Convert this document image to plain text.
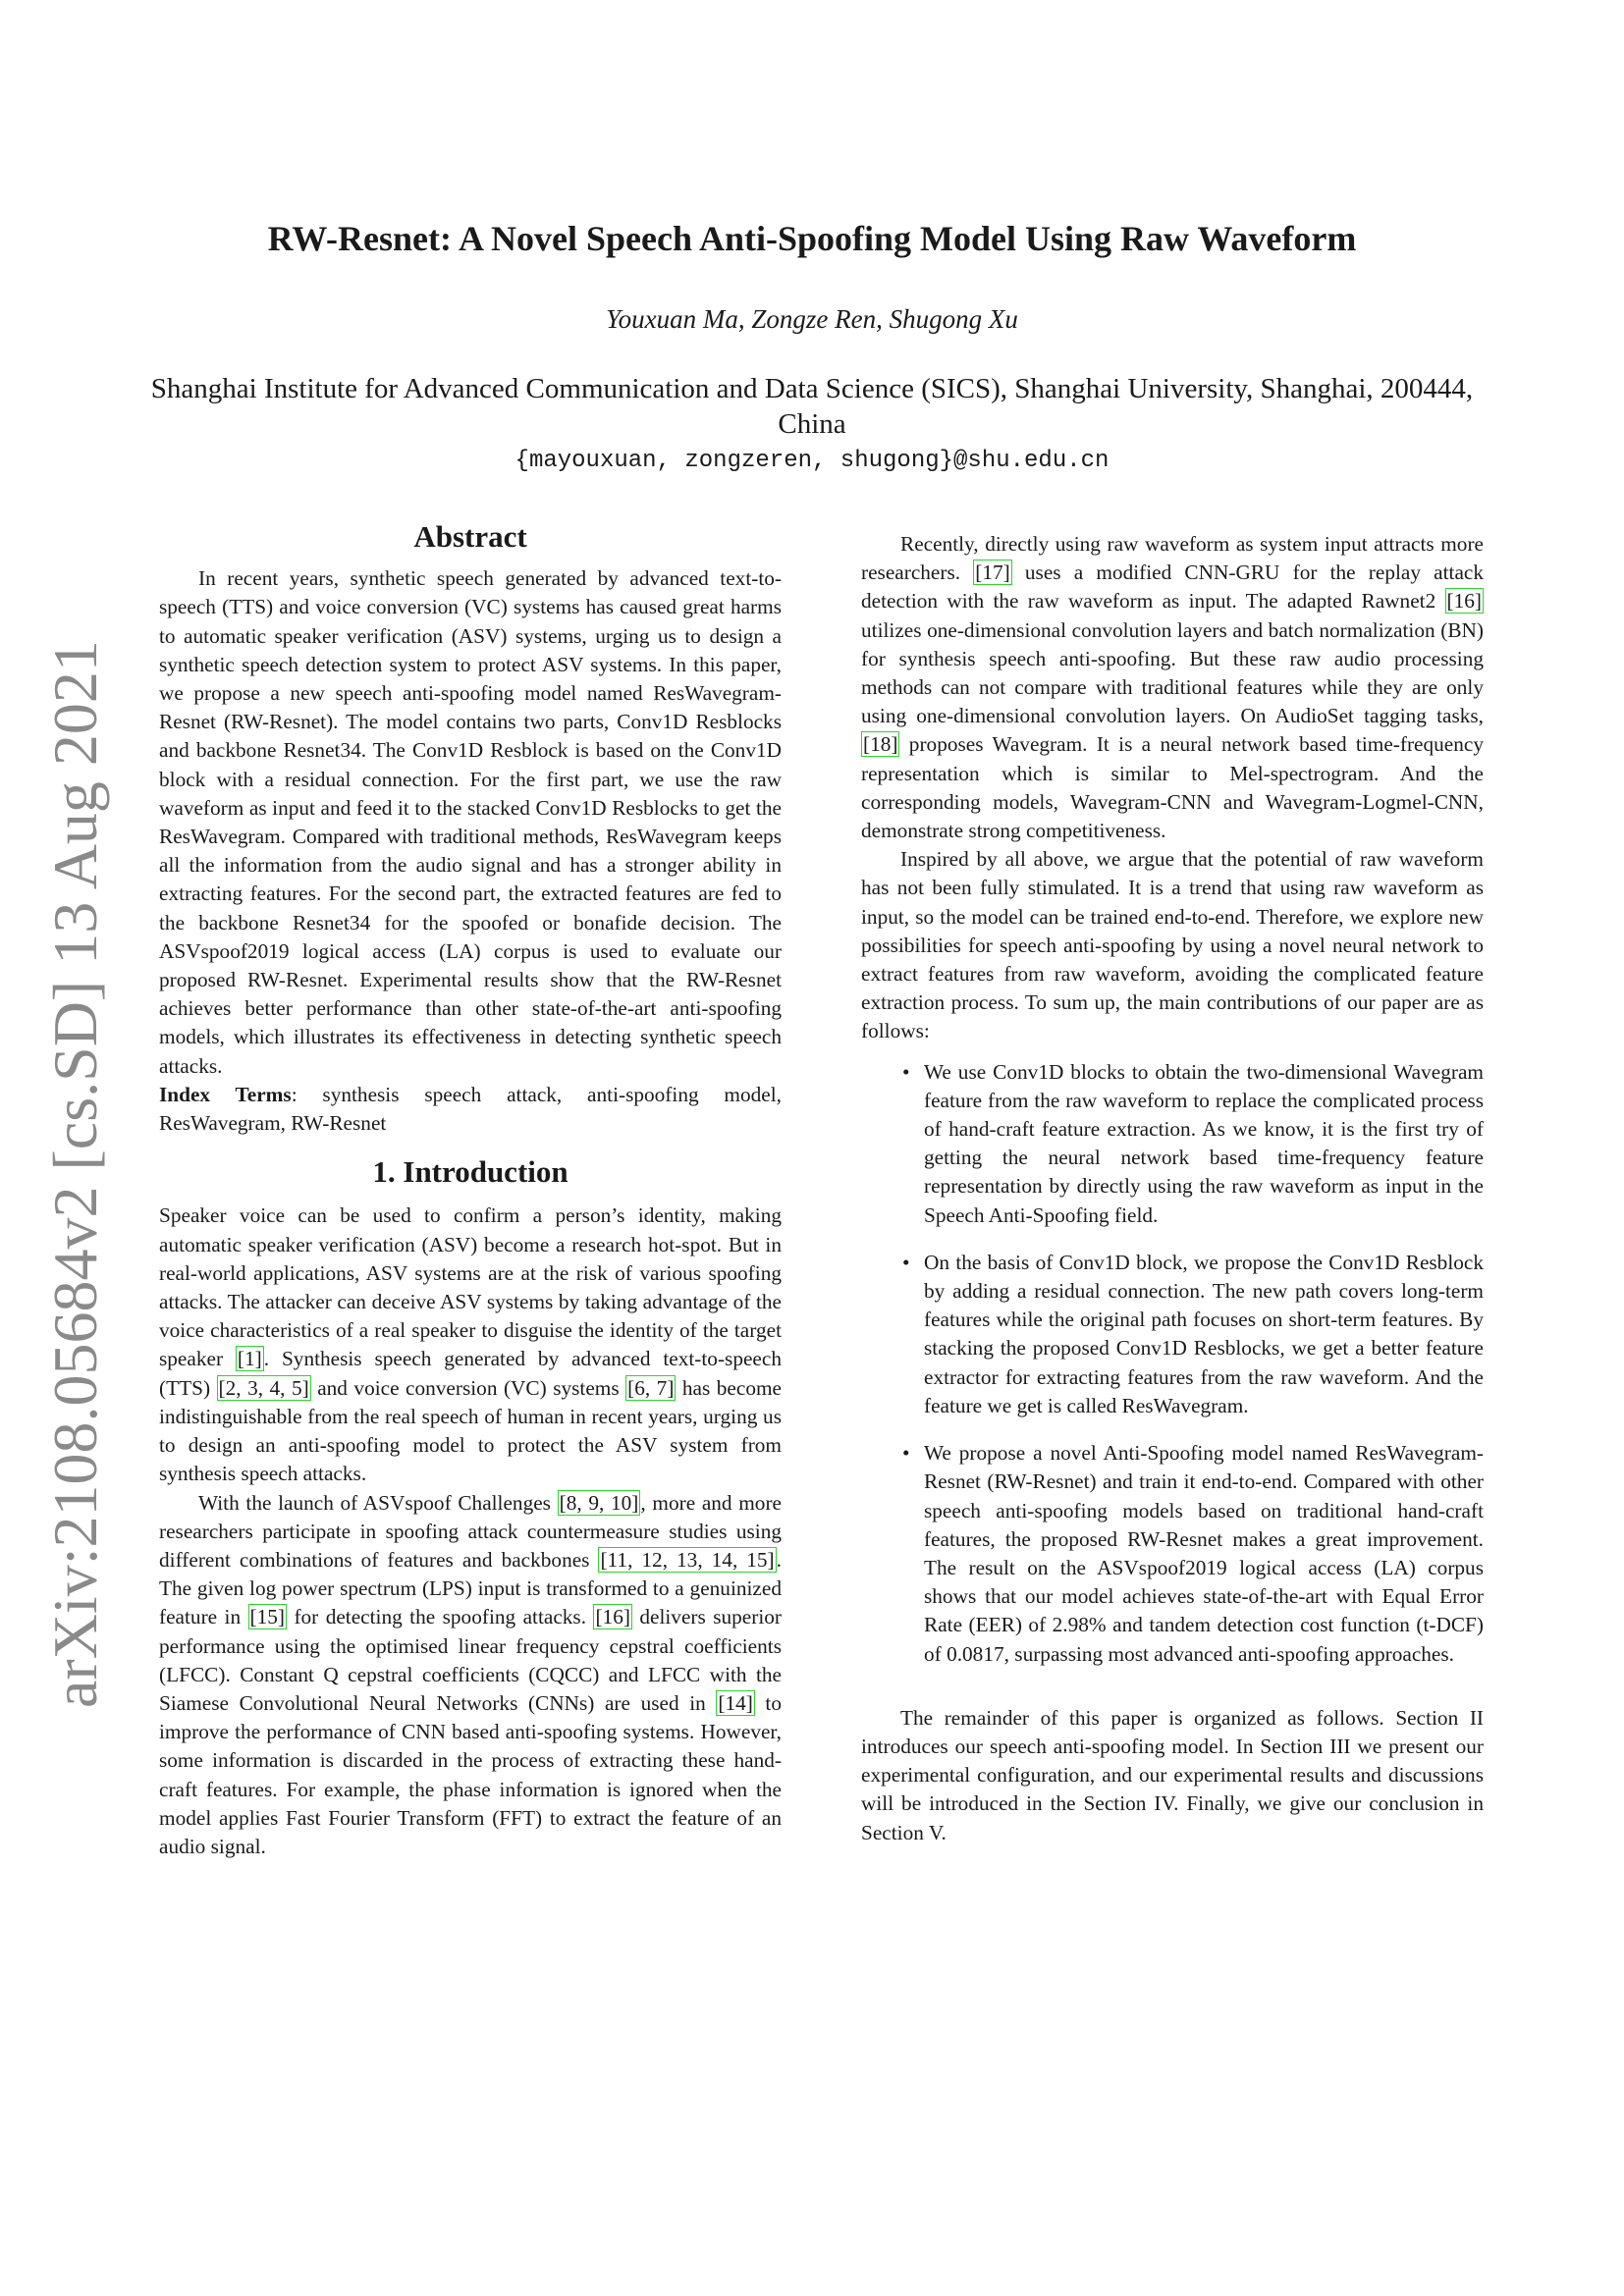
arXiv:2108.05684v2 [cs.SD] 13 Aug 2021
RW-Resnet: A Novel Speech Anti-Spoofing Model Using Raw Waveform
Youxuan Ma, Zongze Ren, Shugong Xu
Shanghai Institute for Advanced Communication and Data Science (SICS), Shanghai University, Shanghai, 200444, China
{mayouxuan, zongzeren, shugong}@shu.edu.cn
Abstract

In recent years, synthetic speech generated by advanced text-to-speech (TTS) and voice conversion (VC) systems has caused great harms to automatic speaker verification (ASV) systems, urging us to design a synthetic speech detection system to protect ASV systems. In this paper, we propose a new speech anti-spoofing model named ResWavegram-Resnet (RW-Resnet). The model contains two parts, Conv1D Resblocks and backbone Resnet34. The Conv1D Resblock is based on the Conv1D block with a residual connection. For the first part, we use the raw waveform as input and feed it to the stacked Conv1D Resblocks to get the ResWavegram. Compared with traditional methods, ResWavegram keeps all the information from the audio signal and has a stronger ability in extracting features. For the second part, the extracted features are fed to the backbone Resnet34 for the spoofed or bonafide decision. The ASVspoof2019 logical access (LA) corpus is used to evaluate our proposed RW-Resnet. Experimental results show that the RW-Resnet achieves better performance than other state-of-the-art anti-spoofing models, which illustrates its effectiveness in detecting synthetic speech attacks.

Index Terms: synthesis speech attack, anti-spoofing model, ResWavegram, RW-Resnet

1. Introduction

Speaker voice can be used to confirm a person’s identity, making automatic speaker verification (ASV) become a research hot-spot. But in real-world applications, ASV systems are at the risk of various spoofing attacks. The attacker can deceive ASV systems by taking advantage of the voice characteristics of a real speaker to disguise the identity of the target speaker [1]. Synthesis speech generated by advanced text-to-speech (TTS) [2, 3, 4, 5] and voice conversion (VC) systems [6, 7] has become indistinguishable from the real speech of human in recent years, urging us to design an anti-spoofing model to protect the ASV system from synthesis speech attacks.

With the launch of ASVspoof Challenges [8, 9, 10], more and more researchers participate in spoofing attack countermeasure studies using different combinations of features and backbones [11, 12, 13, 14, 15]. The given log power spectrum (LPS) input is transformed to a genuinized feature in [15] for detecting the spoofing attacks. [16] delivers superior performance using the optimised linear frequency cepstral coefficients (LFCC). Constant Q cepstral coefficients (CQCC) and LFCC with the Siamese Convolutional Neural Networks (CNNs) are used in [14] to improve the performance of CNN based anti-spoofing systems. However, some information is discarded in the process of extracting these hand-craft features. For example, the phase information is ignored when the model applies Fast Fourier Transform (FFT) to extract the feature of an audio signal.

Recently, directly using raw waveform as system input attracts more researchers. [17] uses a modified CNN-GRU for the replay attack detection with the raw waveform as input. The adapted Rawnet2 [16] utilizes one-dimensional convolution layers and batch normalization (BN) for synthesis speech anti-spoofing. But these raw audio processing methods can not compare with traditional features while they are only using one-dimensional convolution layers. On AudioSet tagging tasks, [18] proposes Wavegram. It is a neural network based time-frequency representation which is similar to Mel-spectrogram. And the corresponding models, Wavegram-CNN and Wavegram-Logmel-CNN, demonstrate strong competitiveness.

Inspired by all above, we argue that the potential of raw waveform has not been fully stimulated. It is a trend that using raw waveform as input, so the model can be trained end-to-end. Therefore, we explore new possibilities for speech anti-spoofing by using a novel neural network to extract features from raw waveform, avoiding the complicated feature extraction process. To sum up, the main contributions of our paper are as follows:

• We use Conv1D blocks to obtain the two-dimensional Wavegram feature from the raw waveform to replace the complicated process of hand-craft feature extraction. As we know, it is the first try of getting the neural network based time-frequency feature representation by directly using the raw waveform as input in the Speech Anti-Spoofing field.
• On the basis of Conv1D block, we propose the Conv1D Resblock by adding a residual connection. The new path covers long-term features while the original path focuses on short-term features. By stacking the proposed Conv1D Resblocks, we get a better feature extractor for extracting features from the raw waveform. And the feature we get is called ResWavegram.
• We propose a novel Anti-Spoofing model named ResWavegram-Resnet (RW-Resnet) and train it end-to-end. Compared with other speech anti-spoofing models based on traditional hand-craft features, the proposed RW-Resnet makes a great improvement. The result on the ASVspoof2019 logical access (LA) corpus shows that our model achieves state-of-the-art with Equal Error Rate (EER) of 2.98% and tandem detection cost function (t-DCF) of 0.0817, surpassing most advanced anti-spoofing approaches.

The remainder of this paper is organized as follows. Section II introduces our speech anti-spoofing model. In Section III we present our experimental configuration, and our experimental results and discussions will be introduced in the Section IV. Finally, we give our conclusion in Section V.
